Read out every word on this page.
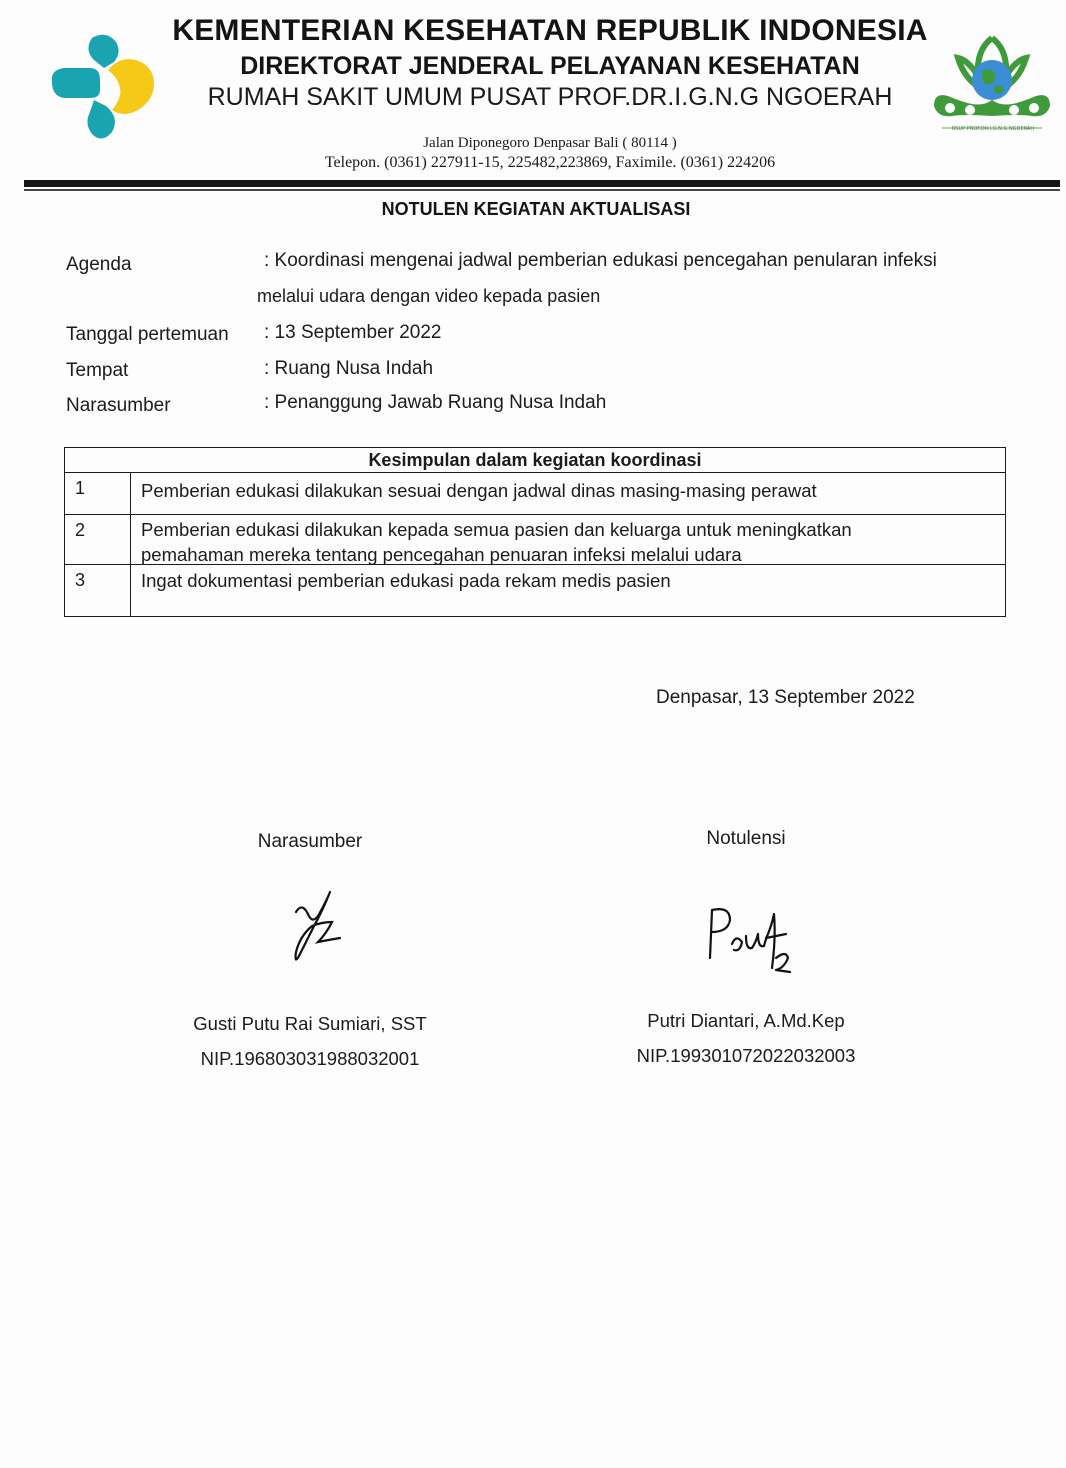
KEMENTERIAN KESEHATAN REPUBLIK INDONESIA
DIREKTORAT JENDERAL PELAYANAN KESEHATAN
RUMAH SAKIT UMUM PUSAT PROF.DR.I.G.N.G NGOERAH
RSUP PROF.DR.I.G.N.G NGOERAH
Jalan Diponegoro Denpasar Bali ( 80114 )
Telepon. (0361) 227911-15, 225482,223869, Faximile. (0361) 224206
NOTULEN KEGIATAN AKTUALISASI
Agenda	: Koordinasi mengenai jadwal pemberian edukasi pencegahan penularan infeksi
melalui udara dengan video kepada pasien
Tanggal pertemuan : 13 September 2022
Tempat	: Ruang Nusa Indah
Narasumber	: Penanggung Jawab Ruang Nusa Indah
Kesimpulan dalam kegiatan koordinasi
1	Pemberian edukasi dilakukan sesuai dengan jadwal dinas masing-masing perawat
2	Pemberian edukasi dilakukan kepada semua pasien dan keluarga untuk meningkatkan
pemahaman mereka tentang pencegahan penuaran infeksi melalui udara
3	Ingat dokumentasi pemberian edukasi pada rekam medis pasien
Denpasar, 13 September 2022
Narasumber
Gusti Putu Rai Sumiari, SST
NIP.196803031988032001
Notulensi
Putri Diantari, A.Md.Kep
NIP.199301072022032003
